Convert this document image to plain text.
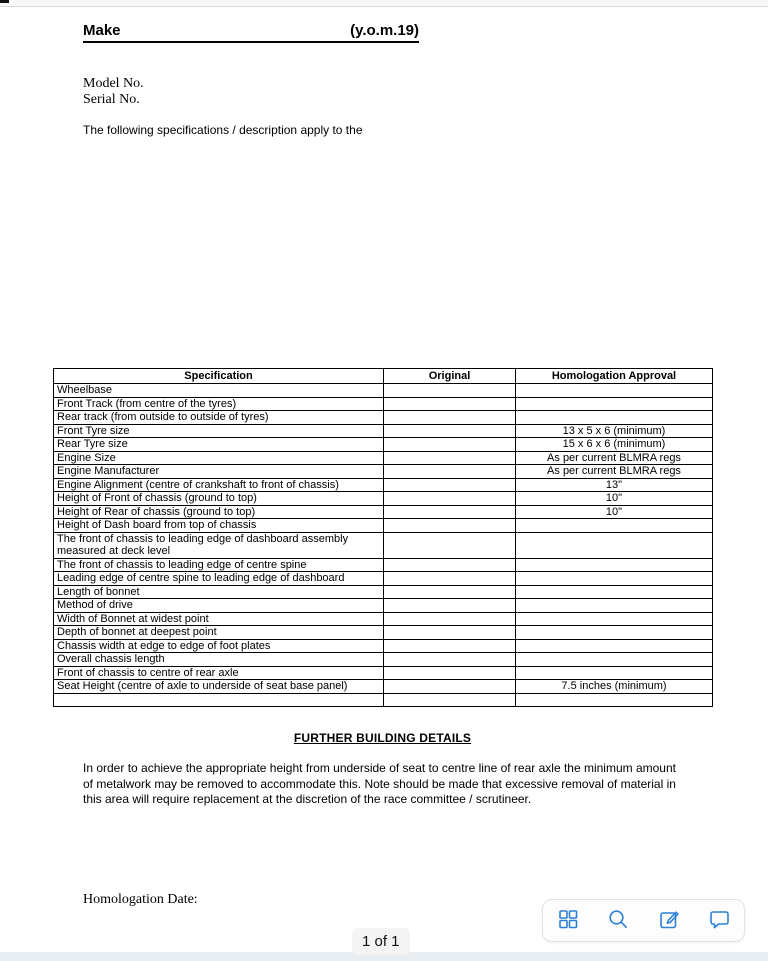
Make	(y.o.m.19)
Model No.
Serial No.
The following specifications / description apply to the
Specification	Original	Homologation Approval
Wheelbase		
Front Track (from centre of the tyres)		
Rear track (from outside to outside of tyres)		
Front Tyre size		13 x 5 x 6 (minimum)
Rear Tyre size		15 x 6 x 6 (minimum)
Engine Size		As per current BLMRA regs
Engine Manufacturer		As per current BLMRA regs
Engine Alignment (centre of crankshaft to front of chassis)		13"
Height of Front of chassis (ground to top)		10"
Height of Rear of chassis (ground to top)		10"
Height of Dash board from top of chassis		
The front of chassis to leading edge of dashboard assembly measured at deck level		
The front of chassis to leading edge of centre spine		
Leading edge of centre spine to leading edge of dashboard		
Length of bonnet		
Method of drive		
Width of Bonnet at widest point		
Depth of bonnet at deepest point		
Chassis width at edge to edge of foot plates		
Overall chassis length		
Front of chassis to centre of rear axle		
Seat Height (centre of axle to underside of seat base panel)		7.5 inches (minimum)

FURTHER BUILDING DETAILS
In order to achieve the appropriate height from underside of seat to centre line of rear axle the minimum amount of metalwork may be removed to accommodate this. Note should be made that excessive removal of material in this area will require replacement at the discretion of the race committee / scrutineer.
Homologation Date:
1 of 1
